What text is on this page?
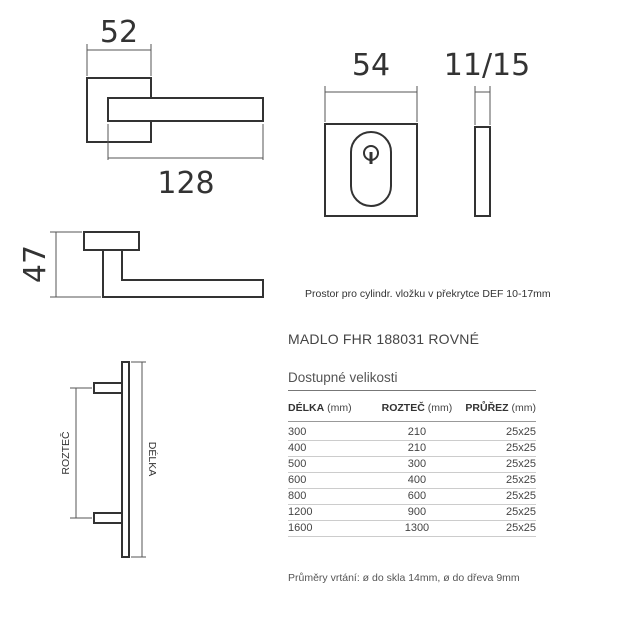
52
128
54 11/15
47
ROZTEČ	DÉLKA
Prostor pro cylindr. vložku v překrytce DEF 10-17mm
MADLO FHR 188031 ROVNÉ
Dostupné velikosti
DÉLKA (mm)	ROZTEČ (mm)	PRŮŘEZ (mm)
300	210	25x25
400	210	25x25
500	300	25x25
600	400	25x25
800	600	25x25
1200	900	25x25
1600	1300	25x25
Průměry vrtání: ø do skla 14mm, ø do dřeva 9mm
